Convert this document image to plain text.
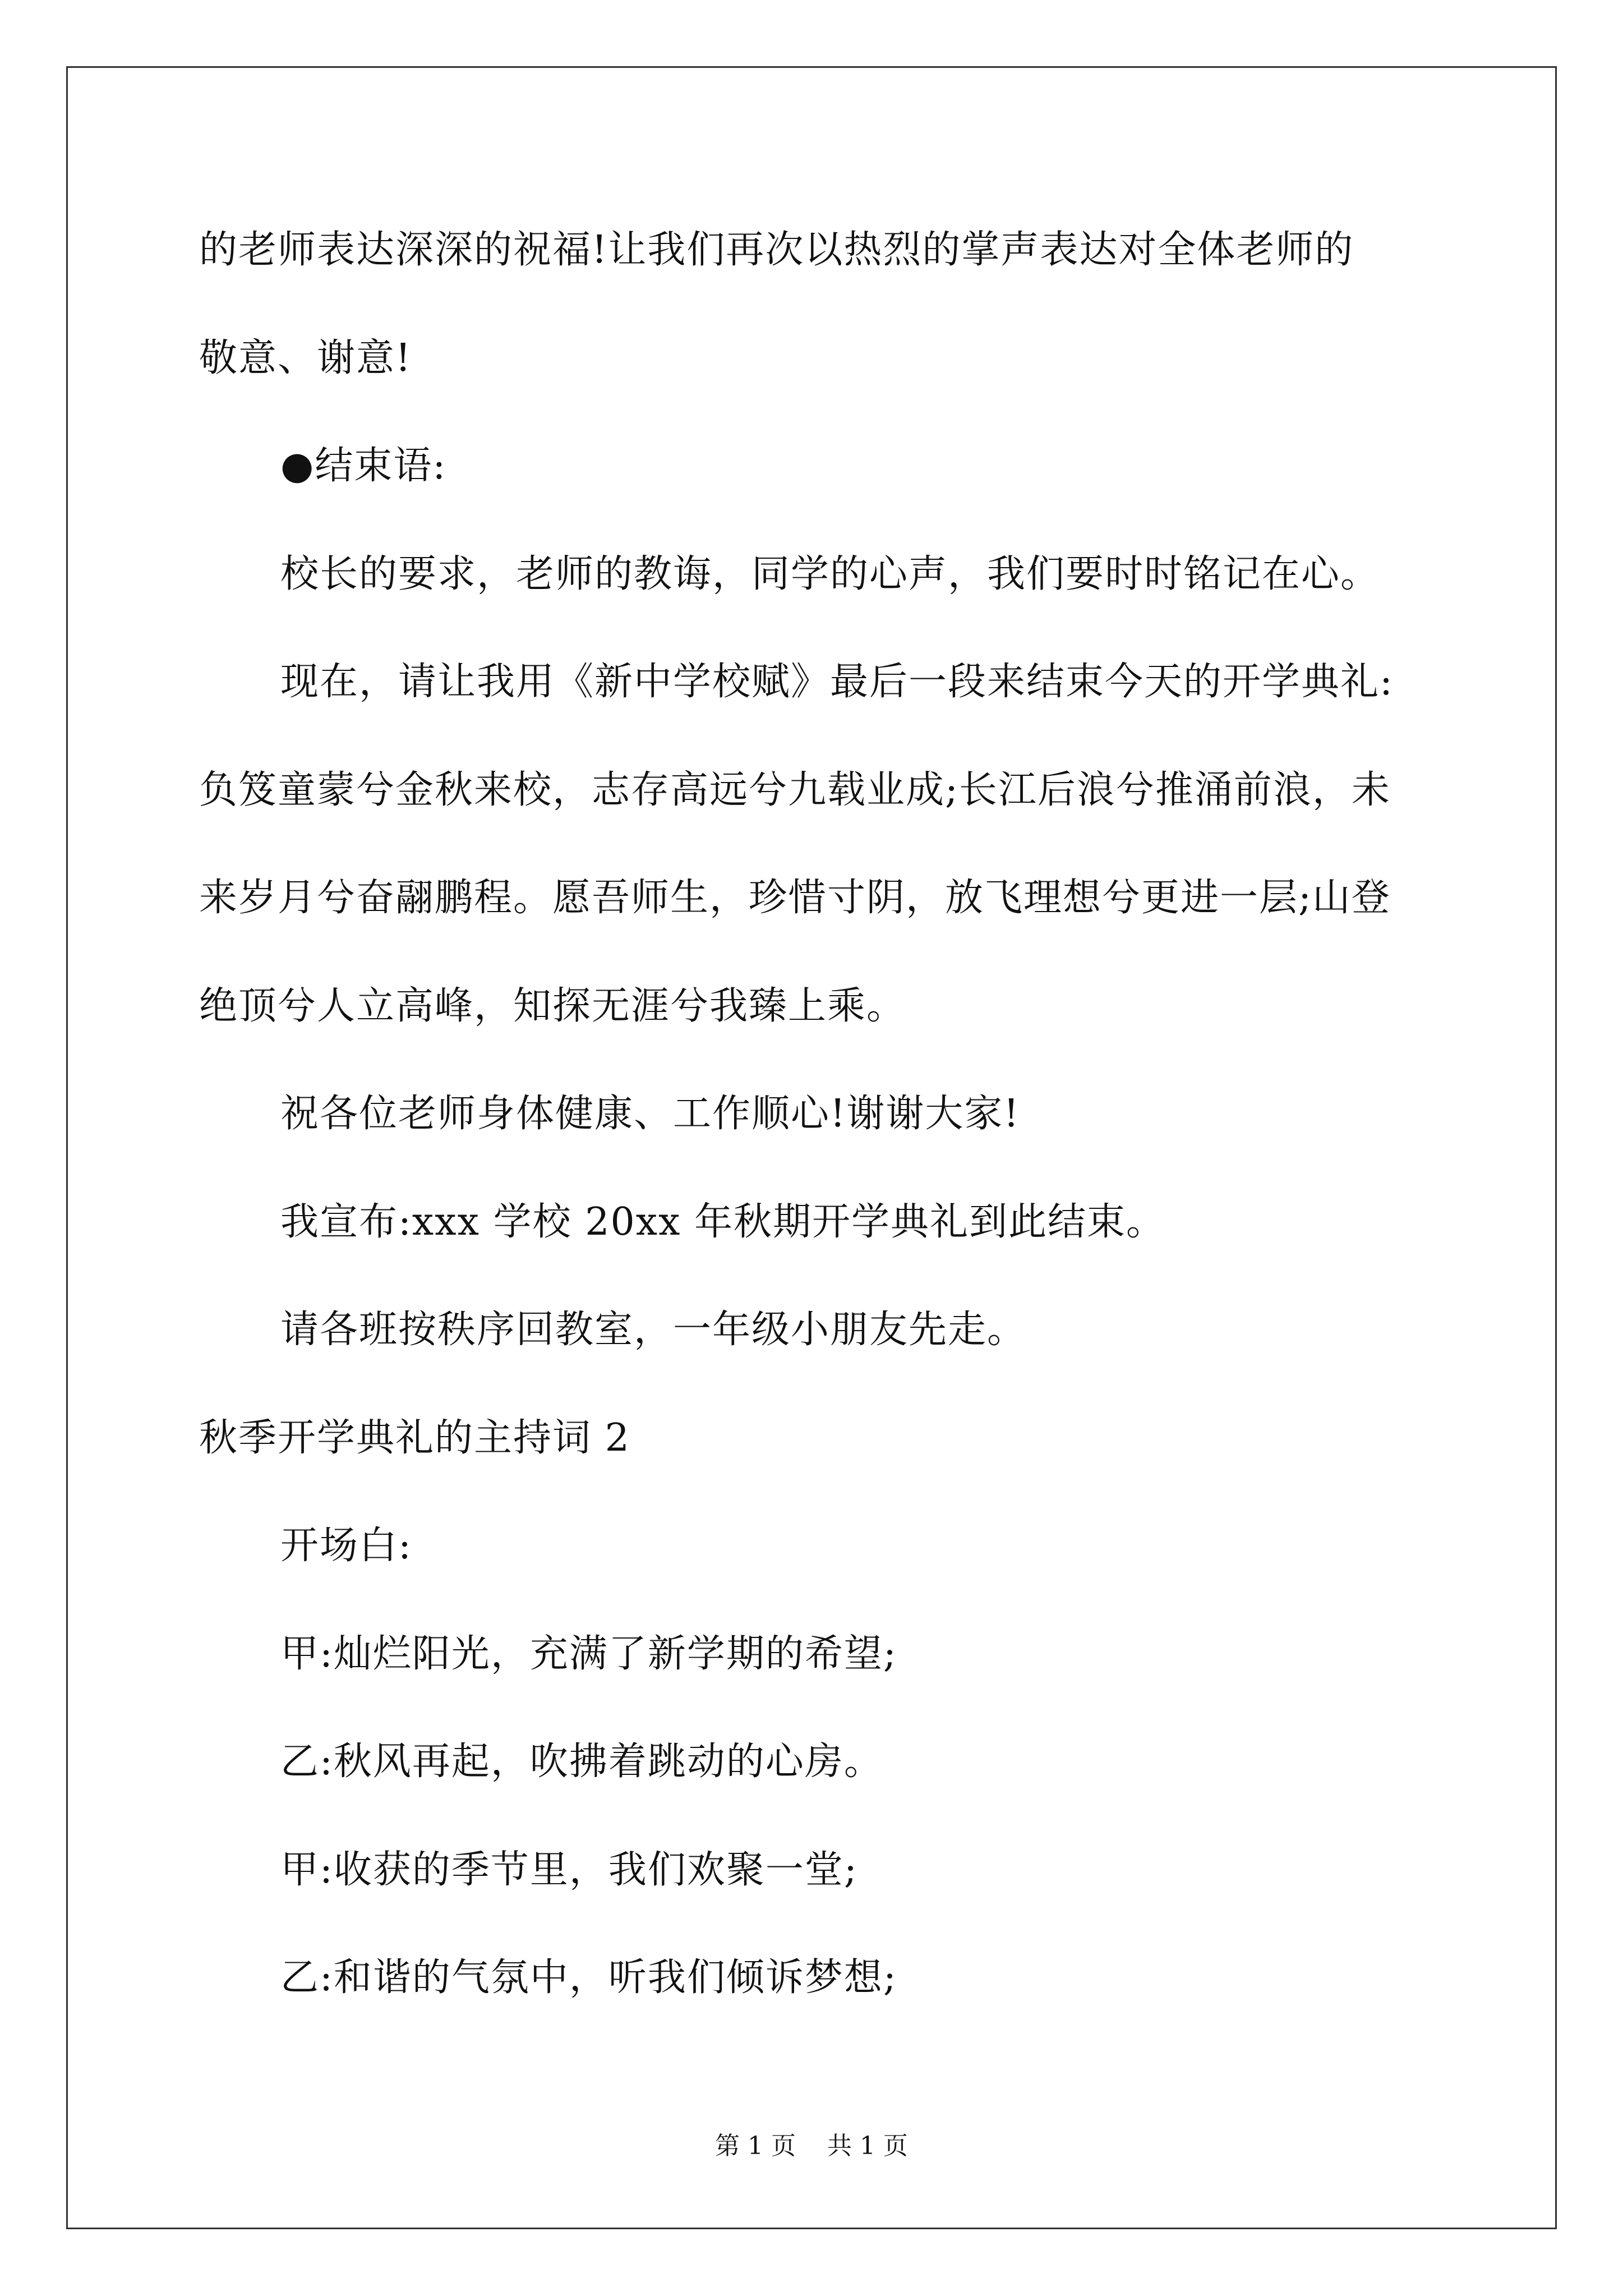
的老师表达深深的祝福!让我们再次以热烈的掌声表达对全体老师的
敬意、谢意!
●结束语:
校长的要求，老师的教诲，同学的心声，我们要时时铭记在心。
现在，请让我用《新中学校赋》最后一段来结束今天的开学典礼:
负笈童蒙兮金秋来校，志存高远兮九载业成;长江后浪兮推涌前浪，未
来岁月兮奋翮鹏程。愿吾师生，珍惜寸阴，放飞理想兮更进一层;山登
绝顶兮人立高峰，知探无涯兮我臻上乘。
祝各位老师身体健康、工作顺心!谢谢大家!
我宣布:xxx 学校 20xx 年秋期开学典礼到此结束。
请各班按秩序回教室，一年级小朋友先走。
秋季开学典礼的主持词 2
开场白:
甲:灿烂阳光，充满了新学期的希望;
乙:秋风再起，吹拂着跳动的心房。
甲:收获的季节里，我们欢聚一堂;
乙:和谐的气氛中，听我们倾诉梦想;
第 1 页    共 1 页
